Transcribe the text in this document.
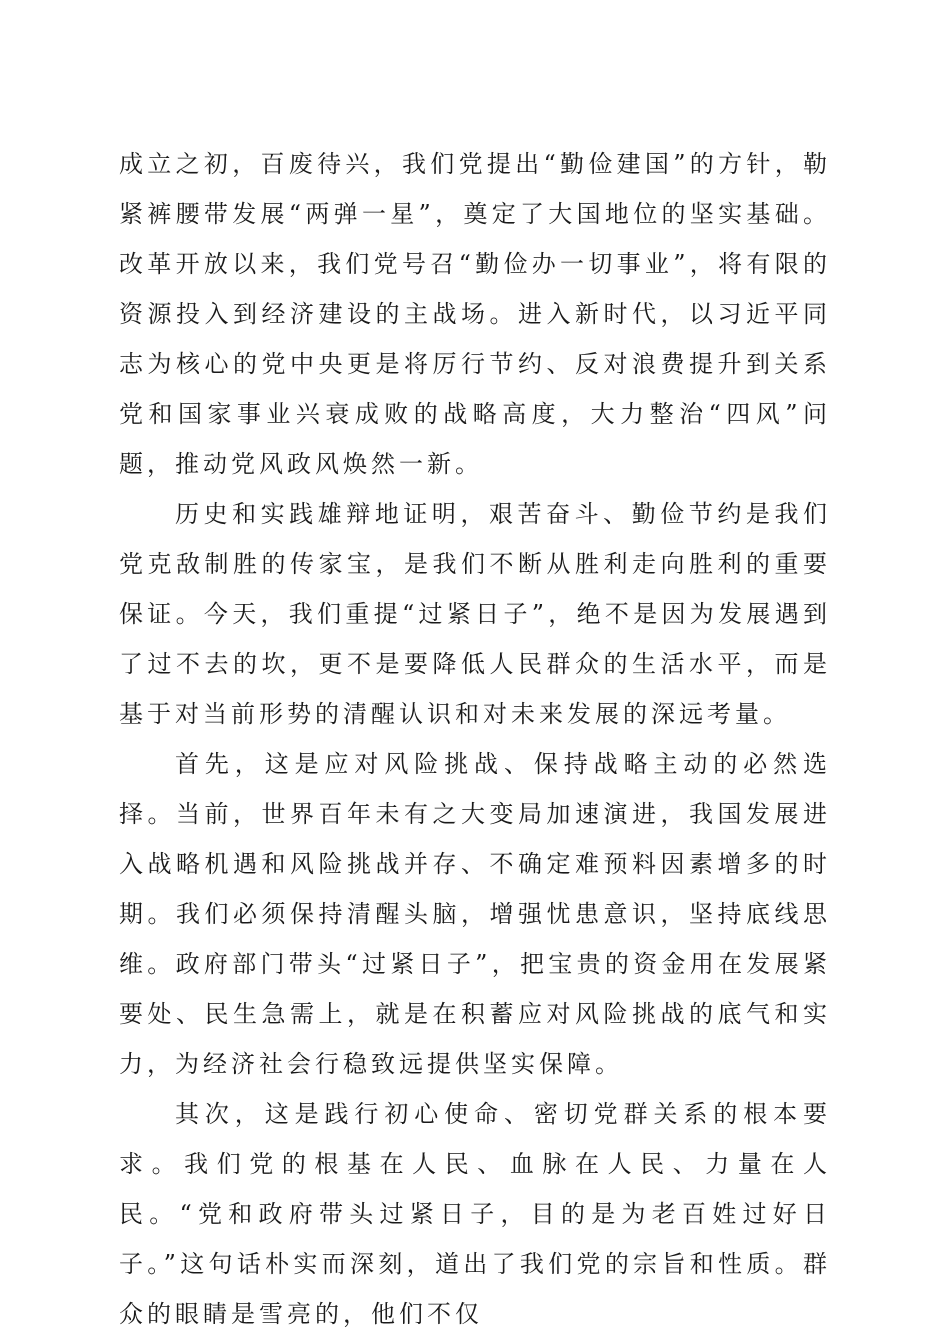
成立之初，百废待兴，我们党提出“勤俭建国”的方针，勒紧裤腰带发展“两弹一星”，奠定了大国地位的坚实基础。改革开放以来，我们党号召“勤俭办一切事业”，将有限的资源投入到经济建设的主战场。进入新时代，以习近平同志为核心的党中央更是将厉行节约、反对浪费提升到关系党和国家事业兴衰成败的战略高度，大力整治“四风”问题，推动党风政风焕然一新。

历史和实践雄辩地证明，艰苦奋斗、勤俭节约是我们党克敌制胜的传家宝，是我们不断从胜利走向胜利的重要保证。今天，我们重提“过紧日子”，绝不是因为发展遇到了过不去的坎，更不是要降低人民群众的生活水平，而是基于对当前形势的清醒认识和对未来发展的深远考量。

首先，这是应对风险挑战、保持战略主动的必然选择。当前，世界百年未有之大变局加速演进，我国发展进入战略机遇和风险挑战并存、不确定难预料因素增多的时期。我们必须保持清醒头脑，增强忧患意识，坚持底线思维。政府部门带头“过紧日子”，把宝贵的资金用在发展紧要处、民生急需上，就是在积蓄应对风险挑战的底气和实力，为经济社会行稳致远提供坚实保障。

其次，这是践行初心使命、密切党群关系的根本要求。我们党的根基在人民、血脉在人民、力量在人民。“党和政府带头过紧日子，目的是为老百姓过好日子。”这句话朴实而深刻，道出了我们党的宗旨和性质。群众的眼睛是雪亮的，他们不仅
